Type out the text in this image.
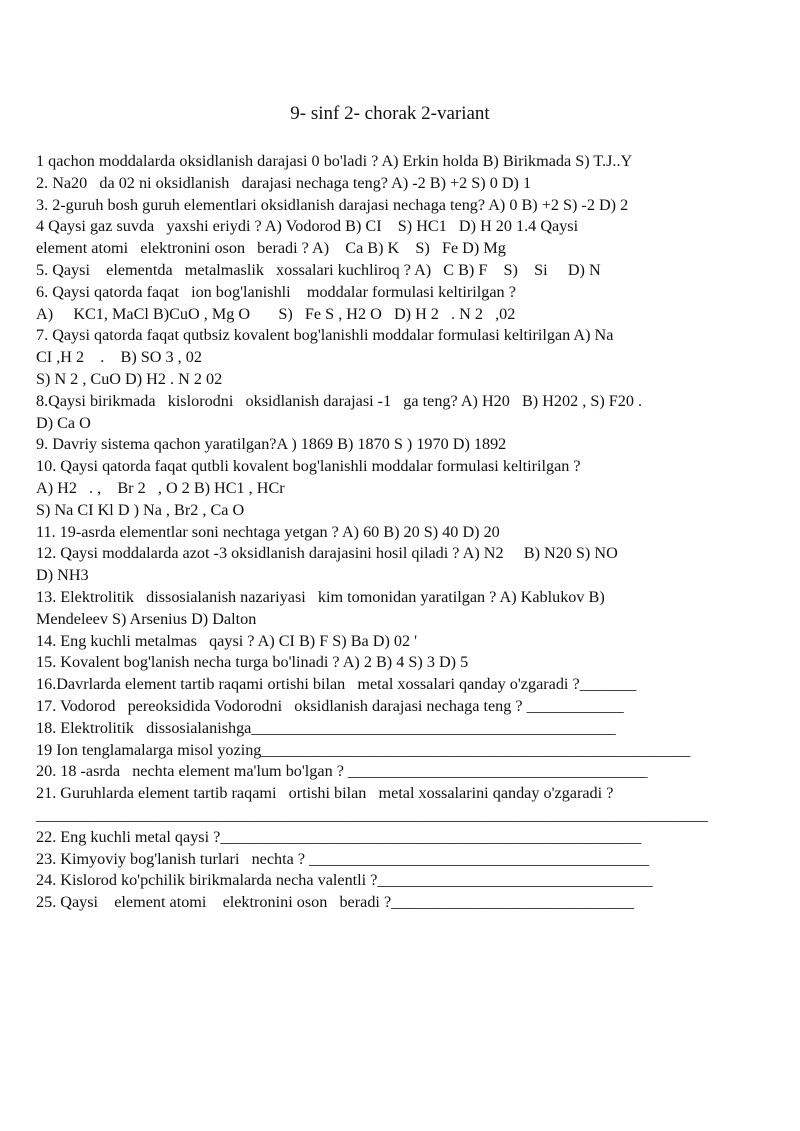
9- sinf 2- chorak 2-variant
1 qachon moddalarda oksidlanish darajasi 0 bo'ladi ? A) Erkin holda B) Birikmada S) T.J..Y
2. Na20   da 02 ni oksidlanish   darajasi nechaga teng? A) -2 B) +2 S) 0 D) 1
3. 2-guruh bosh guruh elementlari oksidlanish darajasi nechaga teng? A) 0 B) +2 S) -2 D) 2
4 Qaysi gaz suvda   yaxshi eriydi ? A) Vodorod B) CI    S) HC1   D) H 20 1.4 Qaysi
element atomi   elektronini oson   beradi ? A)    Ca B) K    S)   Fe D) Mg
5. Qaysi    elementda   metalmaslik   xossalari kuchliroq ? A)   C B) F    S)    Si     D) N
6. Qaysi qatorda faqat   ion bog'lanishli    moddalar formulasi keltirilgan ?
A)     KC1, MaCl B)CuO , Mg O       S)   Fe S , H2 O   D) H 2   . N 2   ,02
7. Qaysi qatorda faqat qutbsiz kovalent bog'lanishli moddalar formulasi keltirilgan A) Na
CI ,H 2    .    B) SO 3 , 02
S) N 2 , CuO D) H2 . N 2 02
8.Qaysi birikmada   kislorodni   oksidlanish darajasi -1   ga teng? A) H20   B) H202 , S) F20 .
D) Ca O
9. Davriy sistema qachon yaratilgan?A ) 1869 B) 1870 S ) 1970 D) 1892
10. Qaysi qatorda faqat qutbli kovalent bog'lanishli moddalar formulasi keltirilgan ?
A) H2   . ,    Br 2   , O 2 B) HC1 , HCr
S) Na CI Kl D ) Na , Br2 , Ca O
11. 19-asrda elementlar soni nechtaga yetgan ? A) 60 B) 20 S) 40 D) 20
12. Qaysi moddalarda azot -3 oksidlanish darajasini hosil qiladi ? A) N2     B) N20 S) NO
D) NH3
13. Elektrolitik   dissosialanish nazariyasi   kim tomonidan yaratilgan ? A) Kablukov B)
Mendeleev S) Arsenius D) Dalton
14. Eng kuchli metalmas   qaysi ? A) CI B) F S) Ba D) 02 '
15. Kovalent bog'lanish necha turga bo'linadi ? A) 2 B) 4 S) 3 D) 5
16.Davrlarda element tartib raqami ortishi bilan   metal xossalari qanday o'zgaradi ?_______
17. Vodorod   pereoksidida Vodorodni   oksidlanish darajasi nechaga teng ? ____________
18. Elektrolitik   dissosialanishga_____________________________________________
19 Ion tenglamalarga misol yozing_____________________________________________________
20. 18 -asrda   nechta element ma'lum bo'lgan ? _____________________________________
21. Guruhlarda element tartib raqami   ortishi bilan   metal xossalarini qanday o'zgaradi ?
___________________________________________________________________________________
22. Eng kuchli metal qaysi ?____________________________________________________
23. Kimyoviy bog'lanish turlari   nechta ? __________________________________________
24. Kislorod ko'pchilik birikmalarda necha valentli ?__________________________________
25. Qaysi    element atomi    elektronini oson   beradi ?______________________________
